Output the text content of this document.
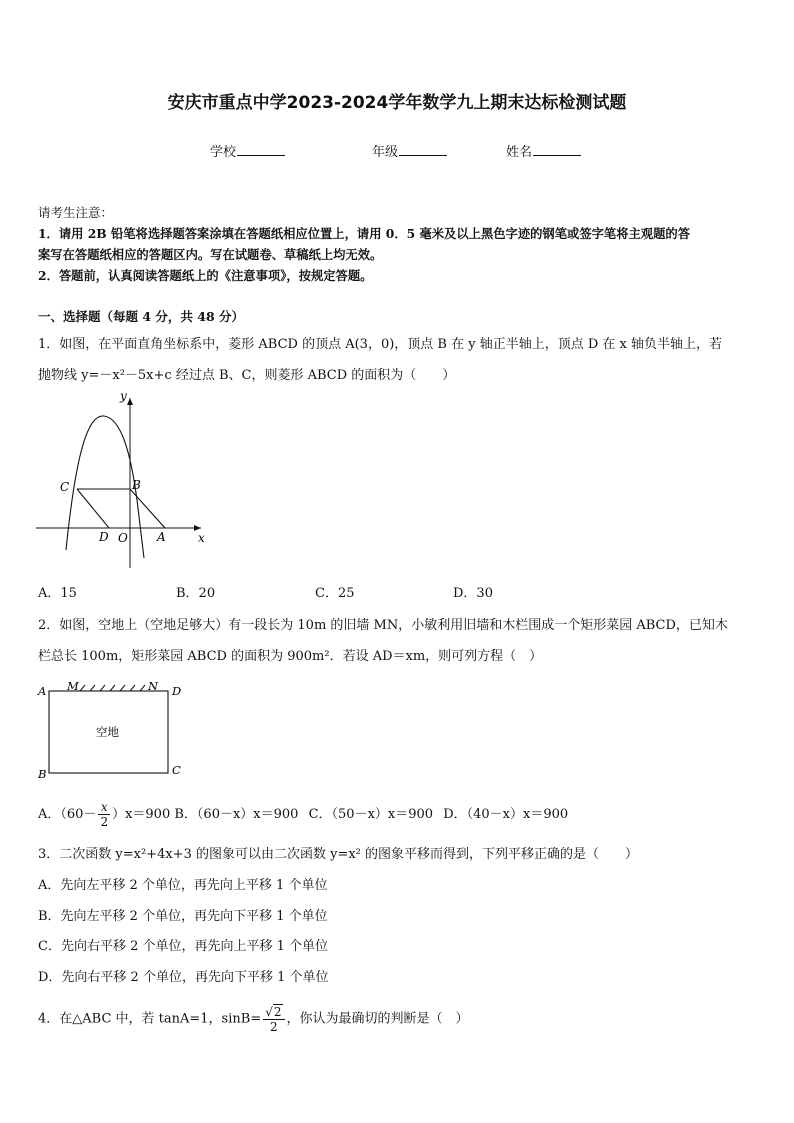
安庆市重点中学2023-2024学年数学九上期末达标检测试题
学校	年级	姓名
请考生注意：
1．请用 2B 铅笔将选择题答案涂填在答题纸相应位置上，请用 0．5 毫米及以上黑色字迹的钢笔或签字笔将主观题的答
案写在答题纸相应的答题区内。写在试题卷、草稿纸上均无效。
2．答题前，认真阅读答题纸上的《注意事项》，按规定答题。
一、选择题（每题 4 分，共 48 分）
1．如图，在平面直角坐标系中，菱形 ABCD 的顶点 A(3，0)，顶点 B 在 y 轴正半轴上，顶点 D 在 x 轴负半轴上，若
抛物线 y=－x²－5x+c 经过点 B、C，则菱形 ABCD 的面积为（　　）
y
x
C	B
D O A
A．15	B．20	C．25	D．30
2．如图，空地上（空地足够大）有一段长为 10m 的旧墙 MN，小敏利用旧墙和木栏围成一个矩形菜园 ABCD，已知木
栏总长 100m，矩形菜园 ABCD 的面积为 900m²．若设 AD＝xm，则可列方程（　）
A M	N D
B	C
空地
A．$(60- \frac{x}{2} )x=900$ B．（60－x）x＝900 C．（50－x）x＝900 D．（40－x）x＝900
3．二次函数 y=x²+4x+3 的图象可以由二次函数 y=x² 的图象平移而得到，下列平移正确的是（　　）
A．先向左平移 2 个单位，再先向上平移 1 个单位
B．先向左平移 2 个单位，再先向下平移 1 个单位
C．先向右平移 2 个单位，再先向上平移 1 个单位
D．先向右平移 2 个单位，再先向下平移 1 个单位
4．在△ABC 中，若 tanA=1，$\sin B= \frac{√2}{2}$ ，你认为最确切的判断是（　）
